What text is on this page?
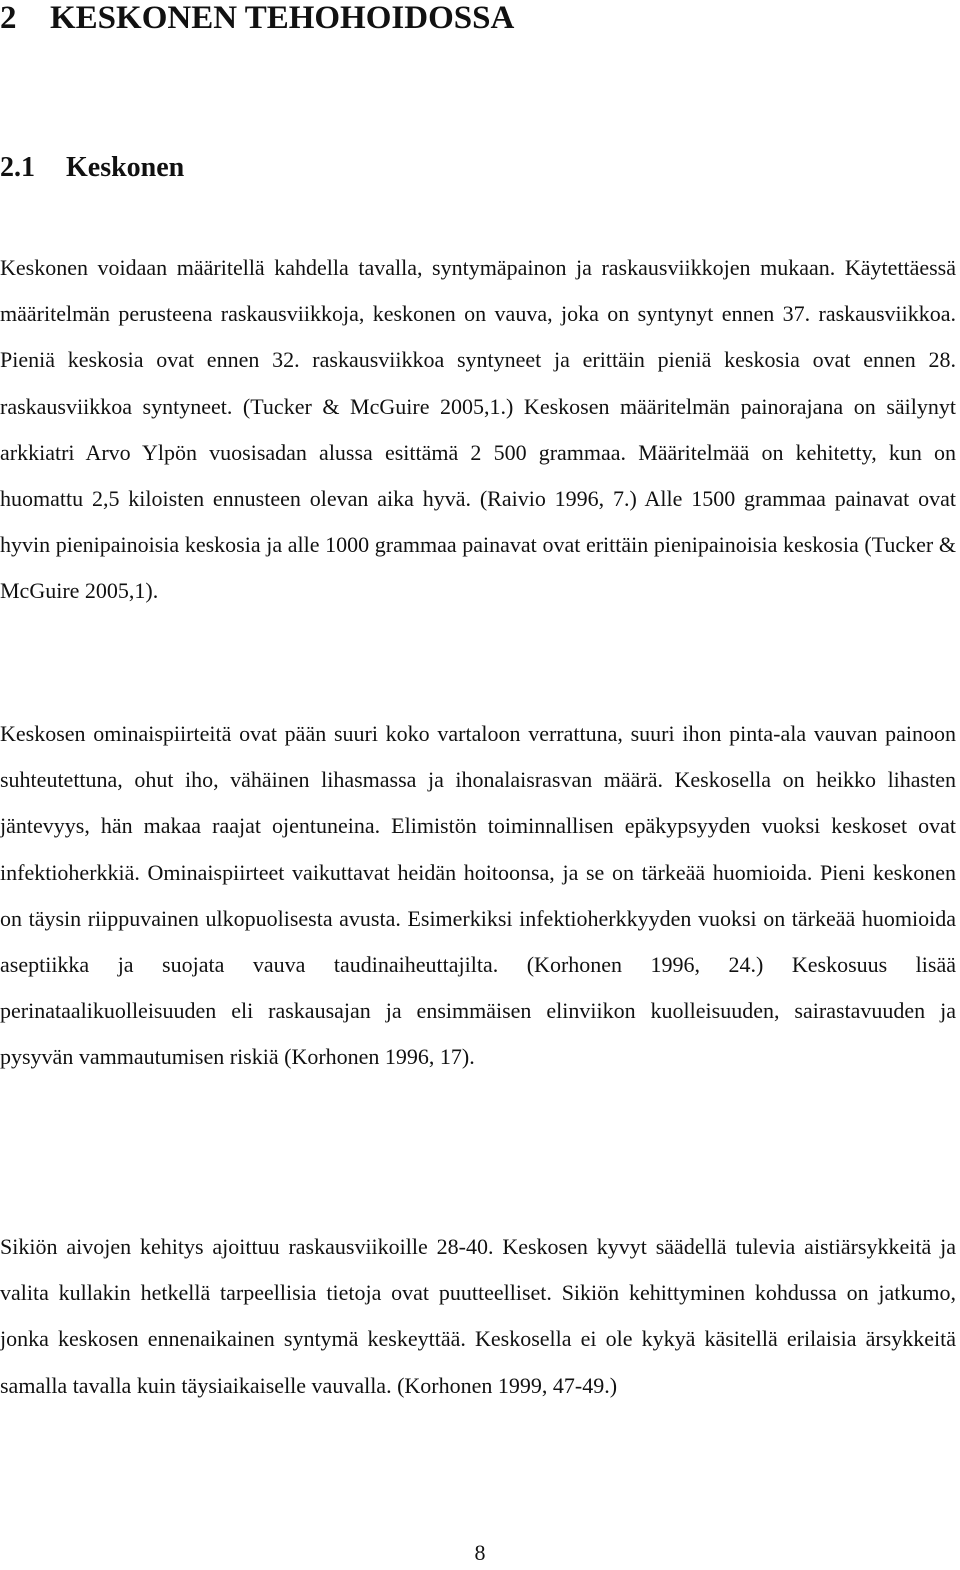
2 KESKONEN TEHOHOIDOSSA
2.1 Keskonen

Keskonen voidaan määritellä kahdella tavalla, syntymäpainon ja raskausviikkojen mukaan. Käytettäessä määritelmän perusteena raskausviikkoja, keskonen on vauva, joka on syntynyt ennen 37. raskausviikkoa. Pieniä keskosia ovat ennen 32. raskausviikkoa syntyneet ja erittäin pieniä keskosia ovat ennen 28. raskausviikkoa syntyneet. (Tucker & McGuire 2005,1.) Keskosen määritelmän painorajana on säilynyt arkkiatri Arvo Ylpön vuosisadan alussa esittämä 2 500 grammaa. Määritelmää on kehitetty, kun on huomattu 2,5 kiloisten ennusteen olevan aika hyvä. (Raivio 1996, 7.) Alle 1500 grammaa painavat ovat hyvin pienipainoisia keskosia ja alle 1000 grammaa painavat ovat erittäin pienipainoisia keskosia (Tucker & McGuire 2005,1).

Keskosen ominaispiirteitä ovat pään suuri koko vartaloon verrattuna, suuri ihon pinta-ala vauvan painoon suhteutettuna, ohut iho, vähäinen lihasmassa ja ihonalaisrasvan määrä. Keskosella on heikko lihasten jäntevyys, hän makaa raajat ojentuneina. Elimistön toiminnallisen epäkypsyyden vuoksi keskoset ovat infektioherkkiä. Ominaispiirteet vaikuttavat heidän hoitoonsa, ja se on tärkeää huomioida. Pieni keskonen on täysin riippuvainen ulkopuolisesta avusta. Esimerkiksi infektioherkkyyden vuoksi on tärkeää huomioida aseptiikka ja suojata vauva taudinaiheuttajilta. (Korhonen 1996, 24.) Keskosuus lisää perinataalikuolleisuuden eli raskausajan ja ensimmäisen elinviikon kuolleisuuden, sairastavuuden ja pysyvän vammautumisen riskiä (Korhonen 1996, 17).

Sikiön aivojen kehitys ajoittuu raskausviikoille 28-40. Keskosen kyvyt säädellä tulevia aistiärsykkeitä ja valita kullakin hetkellä tarpeellisia tietoja ovat puutteelliset. Sikiön kehittyminen kohdussa on jatkumo, jonka keskosen ennenaikainen syntymä keskeyttää. Keskosella ei ole kykyä käsitellä erilaisia ärsykkeitä samalla tavalla kuin täysiaikaiselle vauvalla. (Korhonen 1999, 47-49.)

8
